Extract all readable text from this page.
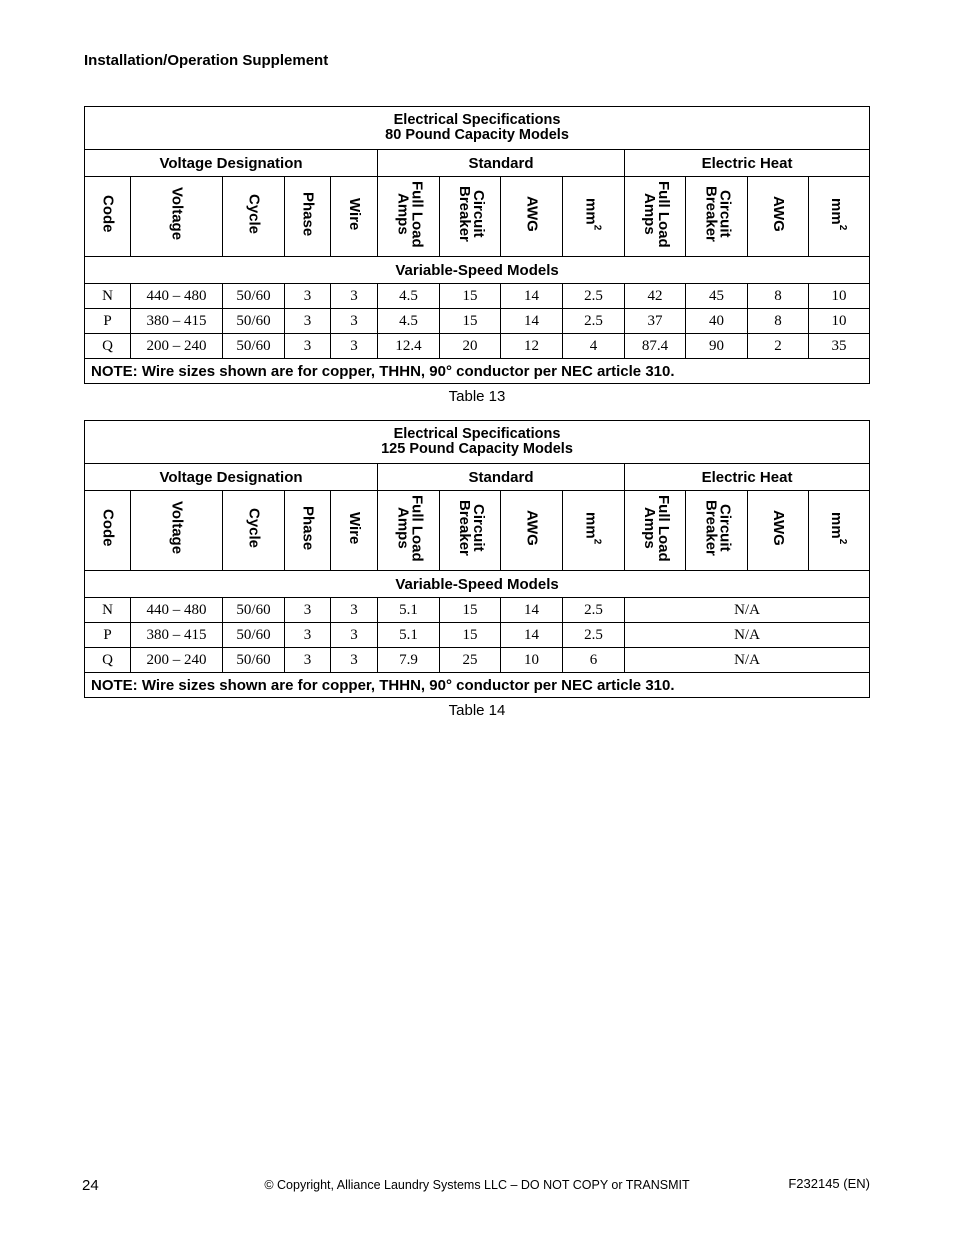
Installation/Operation Supplement
Electrical Specifications
80 Pound Capacity Models												

Voltage Designation					Standard				Electric Heat			
Code	Voltage	Cycle	Phase	Wire	Full Load Amps	Circuit Breaker	AWG	$mm^2$	Full Load Amps	Circuit Breaker	AWG	$mm^2$
Variable-Speed Models												
N	440 – 480	50/60	3	3	4.5	15	14	2.5	42	45	8	10
P	380 – 415	50/60	3	3	4.5	15	14	2.5	37	40	8	10
Q	200 – 240	50/60	3	3	12.4	20	12	4	87.4	90	2	35
NOTE: Wire sizes shown are for copper, THHN, 90° conductor per NEC article 310.												
Table 13
Electrical Specifications
125 Pound Capacity Models												

Voltage Designation					Standard				Electric Heat			
Code	Voltage	Cycle	Phase	Wire	Full Load Amps	Circuit Breaker	AWG	$mm^2$	Full Load Amps	Circuit Breaker	AWG	$mm^2$
Variable-Speed Models												
N	440 – 480	50/60	3	3	5.1	15	14	2.5	N/A			
P	380 – 415	50/60	3	3	5.1	15	14	2.5	N/A			
Q	200 – 240	50/60	3	3	7.9	25	10	6	N/A			
NOTE: Wire sizes shown are for copper, THHN, 90° conductor per NEC article 310.												
Table 14
24	© Copyright, Alliance Laundry Systems LLC – DO NOT COPY or TRANSMIT	F232145 (EN)
